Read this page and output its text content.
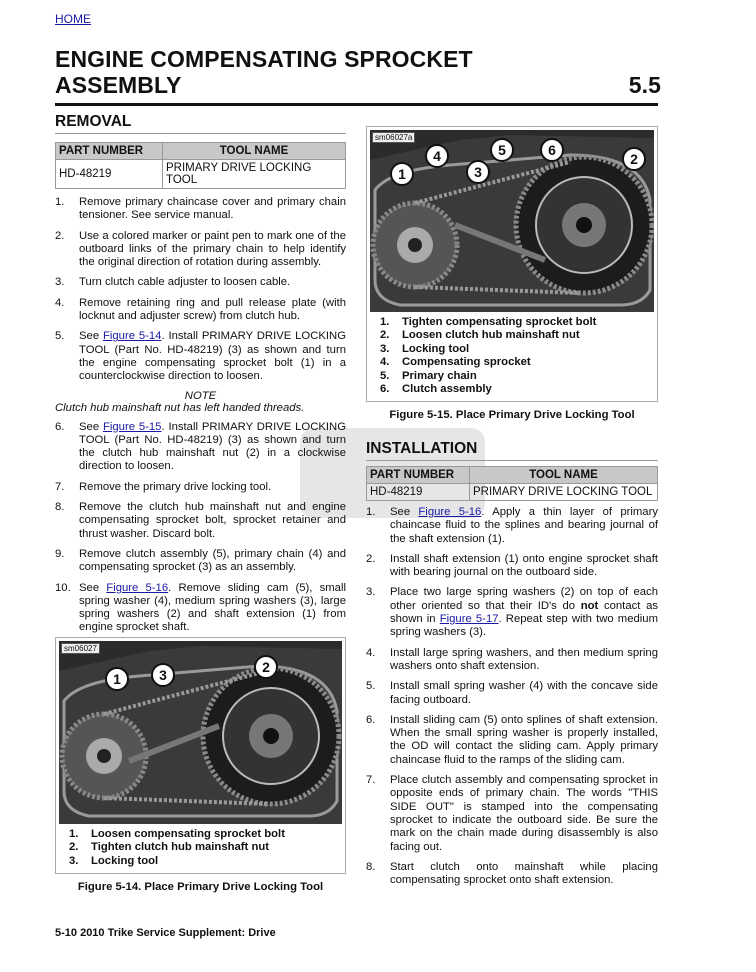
HOME
ENGINE COMPENSATING SPROCKET
ASSEMBLY	5.5
REMOVAL
PART NUMBER	TOOL NAME
HD-48219	PRIMARY DRIVE LOCKING TOOL
1. Remove primary chaincase cover and primary chain tensioner. See service manual.
2. Use a colored marker or paint pen to mark one of the outboard links of the primary chain to help identify the original direction of rotation during assembly.
3. Turn clutch cable adjuster to loosen cable.
4. Remove retaining ring and pull release plate (with locknut and adjuster screw) from clutch hub.
5. See Figure 5-14. Install PRIMARY DRIVE LOCKING TOOL (Part No. HD-48219) (3) as shown and turn the engine compensating sprocket bolt (1) in a counterclockwise direction to loosen.
NOTE
Clutch hub mainshaft nut has left handed threads.
6. See Figure 5-15. Install PRIMARY DRIVE LOCKING TOOL (Part No. HD-48219) (3) as shown and turn the clutch hub mainshaft nut (2) in a clockwise direction to loosen.
7. Remove the primary drive locking tool.
8. Remove the clutch hub mainshaft nut and engine compensating sprocket bolt, sprocket retainer and thrust washer. Discard bolt.
9. Remove clutch assembly (5), primary chain (4) and compensating sprocket (3) as an assembly.
10. See Figure 5-16. Remove sliding cam (5), small spring washer (4), medium spring washers (3), large spring washers (2) and shaft extension (1) from engine sprocket shaft.
sm06027
1	3	2
1. Loosen compensating sprocket bolt
2. Tighten clutch hub mainshaft nut
3. Locking tool
Figure 5-14. Place Primary Drive Locking Tool
sm06027a
1
4
3
5	6
2
1. Tighten compensating sprocket bolt
2. Loosen clutch hub mainshaft nut
3. Locking tool
4. Compensating sprocket
5. Primary chain
6. Clutch assembly
Figure 5-15. Place Primary Drive Locking Tool
INSTALLATION
PART NUMBER	TOOL NAME
HD-48219	PRIMARY DRIVE LOCKING TOOL
1. See Figure 5-16. Apply a thin layer of primary chaincase fluid to the splines and bearing journal of the shaft extension (1).
2. Install shaft extension (1) onto engine sprocket shaft with bearing journal on the outboard side.
3. Place two large spring washers (2) on top of each other oriented so that their ID's do not contact as shown in Figure 5-17. Repeat step with two medium spring washers (3).
4. Install large spring washers, and then medium spring washers onto shaft extension.
5. Install small spring washer (4) with the concave side facing outboard.
6. Install sliding cam (5) onto splines of shaft extension. When the small spring washer is properly installed, the OD will contact the sliding cam. Apply primary chaincase fluid to the ramps of the sliding cam.
7. Place clutch assembly and compensating sprocket in opposite ends of primary chain. The words "THIS SIDE OUT" is stamped into the compensating sprocket to indicate the outboard side. Be sure the mark on the chain made during disassembly is also facing out.
8. Start clutch onto mainshaft while placing compensating sprocket onto shaft extension.
5-10 2010 Trike Service Supplement: Drive
